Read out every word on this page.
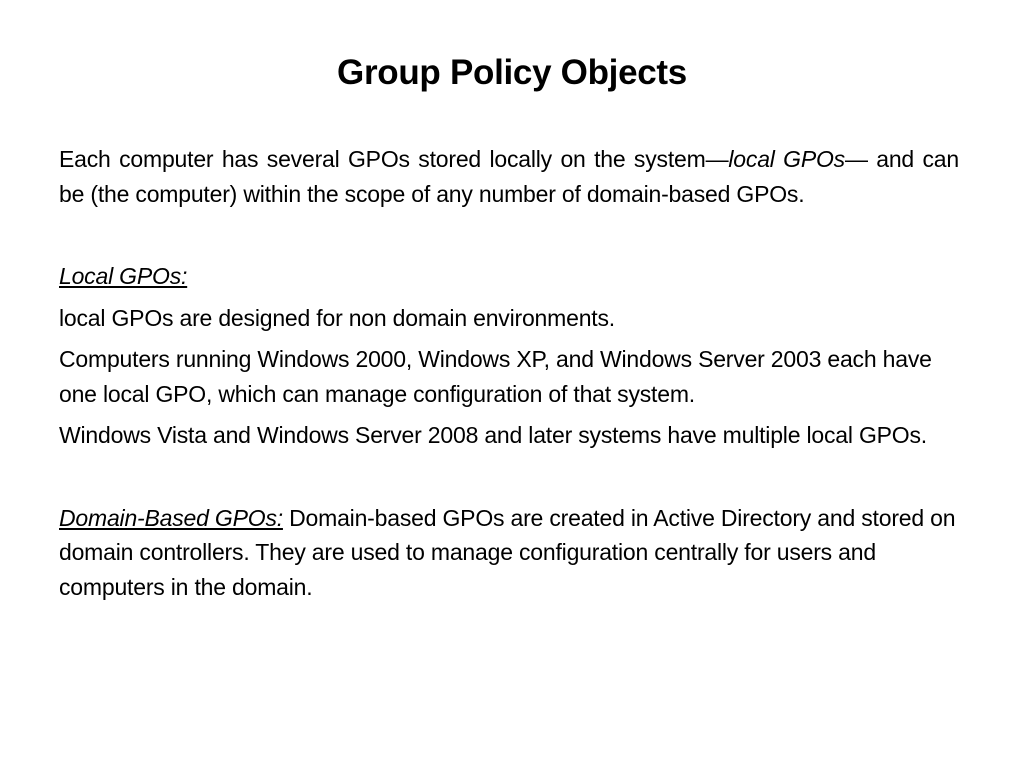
Group Policy Objects

Each computer has several GPOs stored locally on the system—local GPOs— and can be (the computer) within the scope of any number of domain-based GPOs.

Local GPOs:

local GPOs are designed for non domain environments.

Computers running Windows 2000, Windows XP, and Windows Server 2003 each have one local GPO, which can manage configuration of that system.

Windows Vista and Windows Server 2008 and later systems have multiple local GPOs.

Domain-Based GPOs: Domain-based GPOs are created in Active Directory and stored on domain controllers. They are used to manage configuration centrally for users and computers in the domain.
